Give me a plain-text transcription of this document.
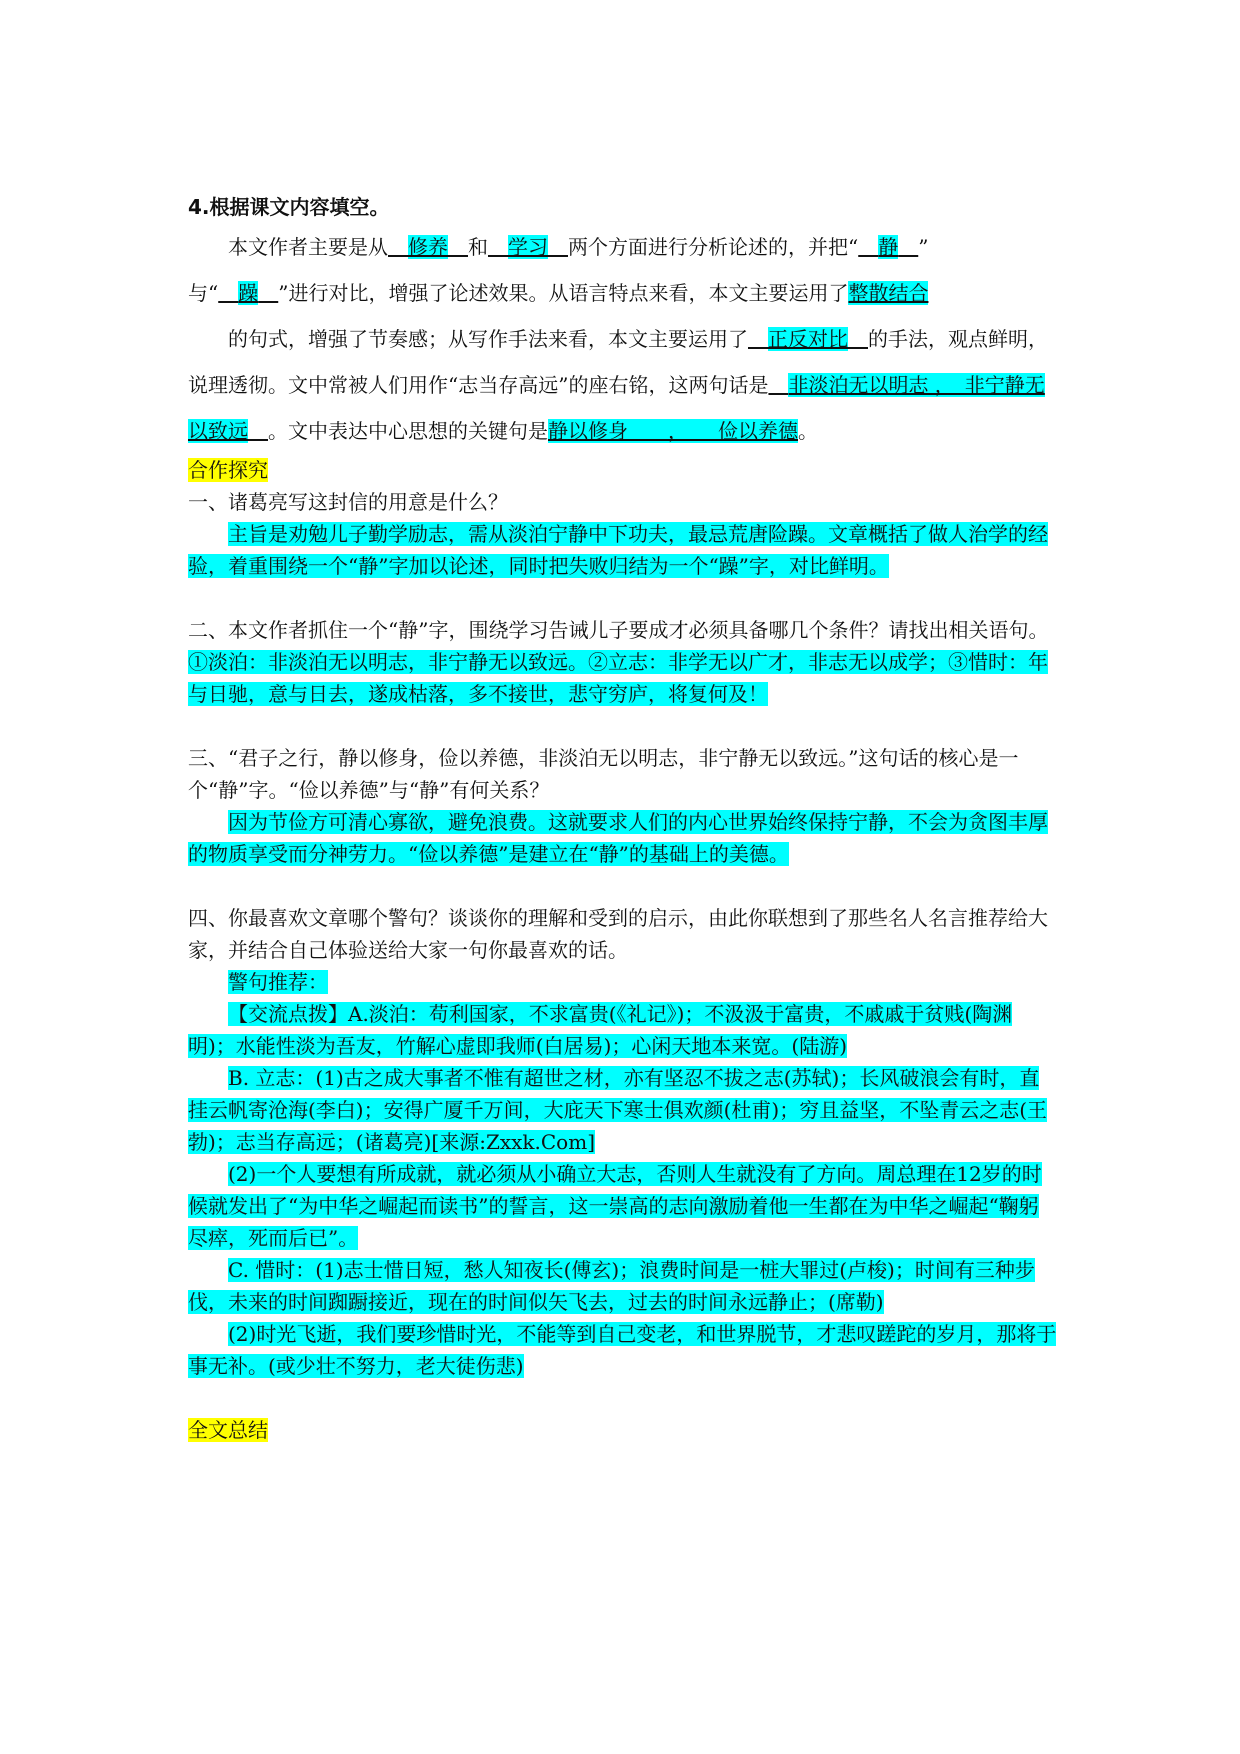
4.根据课文内容填空。

本文作者主要是从  修养  和  学习  两个方面进行分析论述的，并把“  静  ”

与“  躁  ”进行对比，增强了论述效果。从语言特点来看，本文主要运用了整散结合

的句式，增强了节奏感；从写作手法来看，本文主要运用了  正反对比  的手法，观点鲜明，说理透彻。文中常被人们用作“志当存高远”的座右铭，这两句话是  非淡泊无以明志 ，　非宁静无以致远  。文中表达中心思想的关键句是静以修身　　，　　俭以养德。

合作探究

一、诸葛亮写这封信的用意是什么？

主旨是劝勉儿子勤学励志，需从淡泊宁静中下功夫，最忌荒唐险躁。文章概括了做人治学的经验，着重围绕一个“静”字加以论述，同时把失败归结为一个“躁”字，对比鲜明。

二、本文作者抓住一个“静”字，围绕学习告诫儿子要成才必须具备哪几个条件？请找出相关语句。

①淡泊：非淡泊无以明志，非宁静无以致远。②立志：非学无以广才，非志无以成学；③惜时：年与日驰，意与日去，遂成枯落，多不接世，悲守穷庐，将复何及！

三、“君子之行，静以修身，俭以养德，非淡泊无以明志，非宁静无以致远。”这句话的核心是一个“静”字。“俭以养德”与“静”有何关系？

因为节俭方可清心寡欲，避免浪费。这就要求人们的内心世界始终保持宁静，不会为贪图丰厚的物质享受而分神劳力。“俭以养德”是建立在“静”的基础上的美德。

四、你最喜欢文章哪个警句？谈谈你的理解和受到的启示，由此你联想到了那些名人名言推荐给大家，并结合自己体验送给大家一句你最喜欢的话。

警句推荐：

【交流点拨】A.淡泊：苟利国家，不求富贵(《礼记》)；不汲汲于富贵，不戚戚于贫贱(陶渊明)；水能性淡为吾友，竹解心虚即我师(白居易)；心闲天地本来宽。(陆游)

B. 立志：(1)古之成大事者不惟有超世之材，亦有坚忍不拔之志(苏轼)；长风破浪会有时，直挂云帆寄沧海(李白)；安得广厦千万间，大庇天下寒士俱欢颜(杜甫)；穷且益坚，不坠青云之志(王勃)；志当存高远；(诸葛亮)[来源:Zxxk.Com]

(2)一个人要想有所成就，就必须从小确立大志，否则人生就没有了方向。周总理在12岁的时候就发出了“为中华之崛起而读书”的誓言，这一崇高的志向激励着他一生都在为中华之崛起“鞠躬尽瘁，死而后已”。

C. 惜时：(1)志士惜日短，愁人知夜长(傅玄)；浪费时间是一桩大罪过(卢梭)；时间有三种步伐，未来的时间踟蹰接近，现在的时间似矢飞去，过去的时间永远静止；(席勒)

(2)时光飞逝，我们要珍惜时光，不能等到自己变老，和世界脱节，才悲叹蹉跎的岁月，那将于事无补。(或少壮不努力，老大徒伤悲)

全文总结
